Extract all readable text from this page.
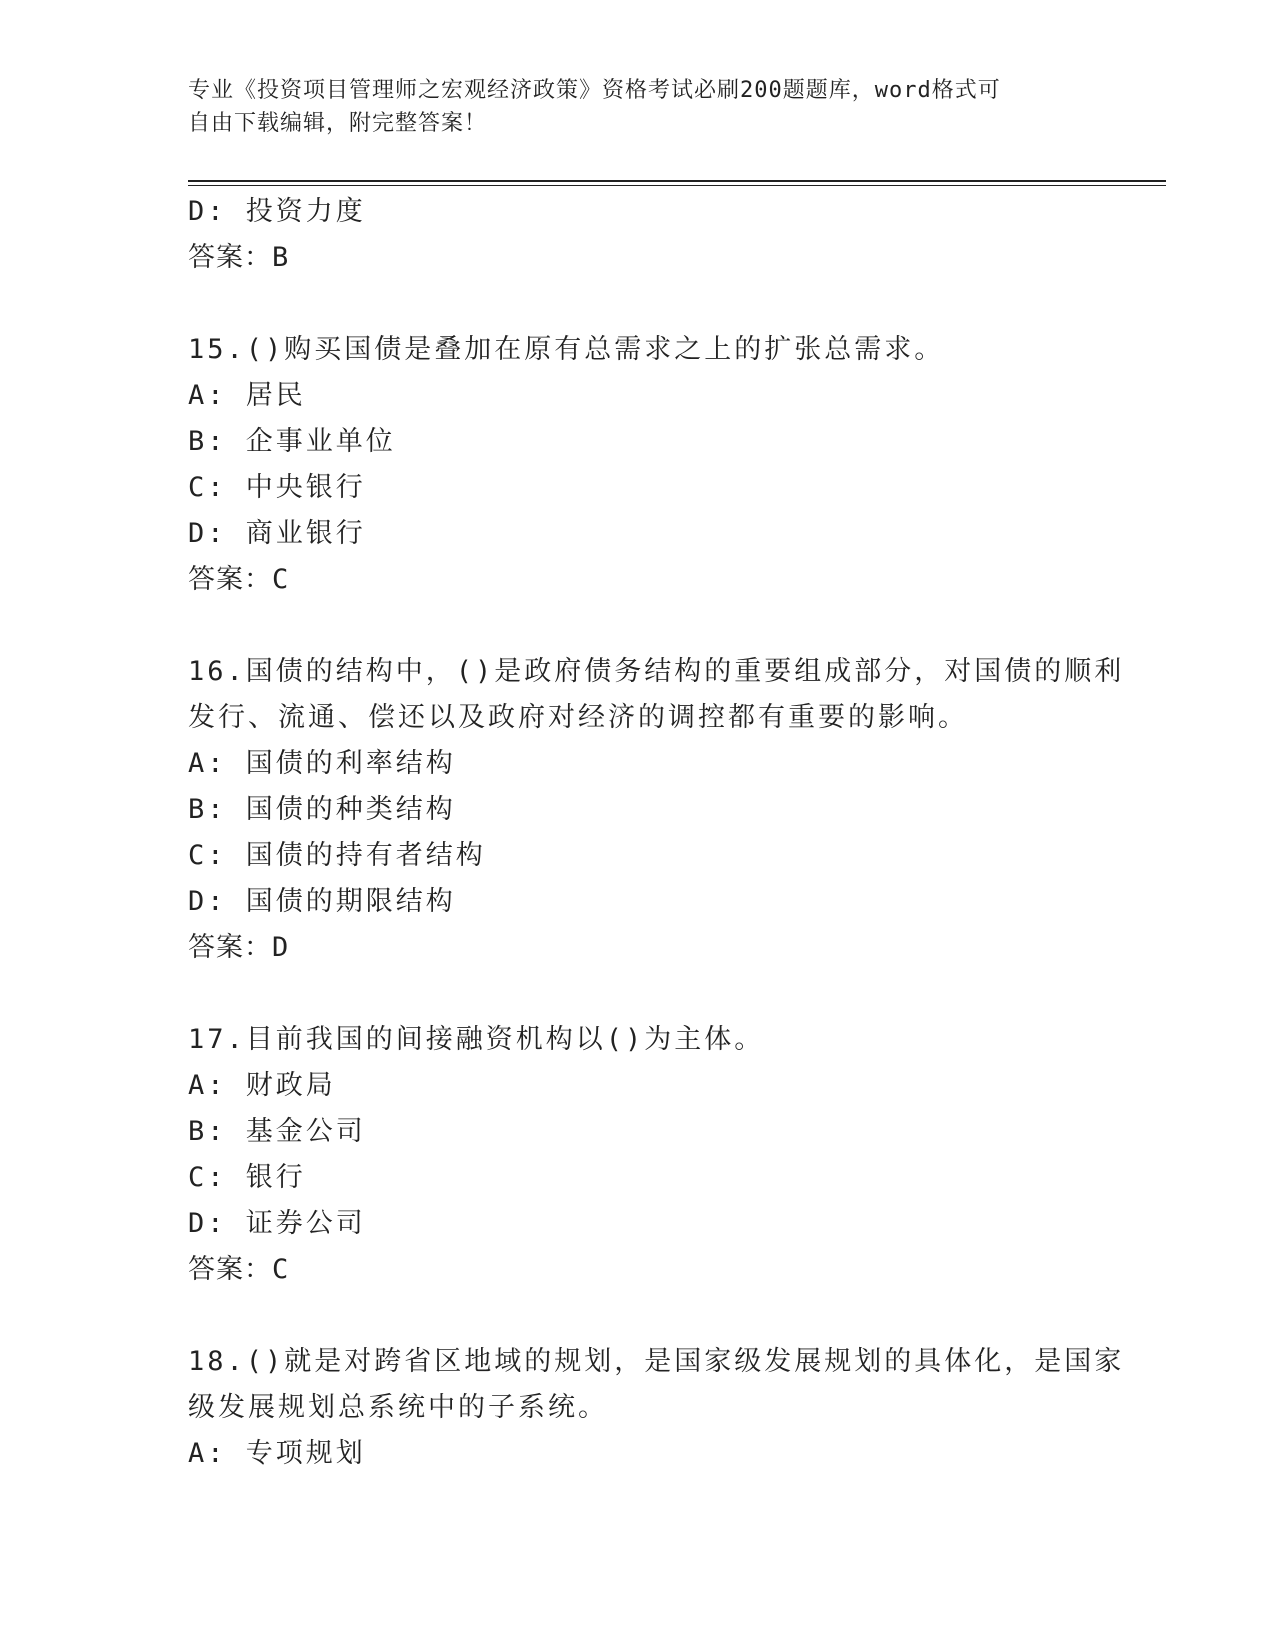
专业《投资项目管理师之宏观经济政策》资格考试必刷200题题库，word格式可
自由下载编辑，附完整答案！
D: 投资力度
答案：B
15.()购买国债是叠加在原有总需求之上的扩张总需求。
A: 居民
B: 企事业单位
C: 中央银行
D: 商业银行
答案：C
16.国债的结构中，()是政府债务结构的重要组成部分，对国债的顺利
发行、流通、偿还以及政府对经济的调控都有重要的影响。
A: 国债的利率结构
B: 国债的种类结构
C: 国债的持有者结构
D: 国债的期限结构
答案：D
17.目前我国的间接融资机构以()为主体。
A: 财政局
B: 基金公司
C: 银行
D: 证券公司
答案：C
18.()就是对跨省区地域的规划，是国家级发展规划的具体化，是国家
级发展规划总系统中的子系统。
A: 专项规划
